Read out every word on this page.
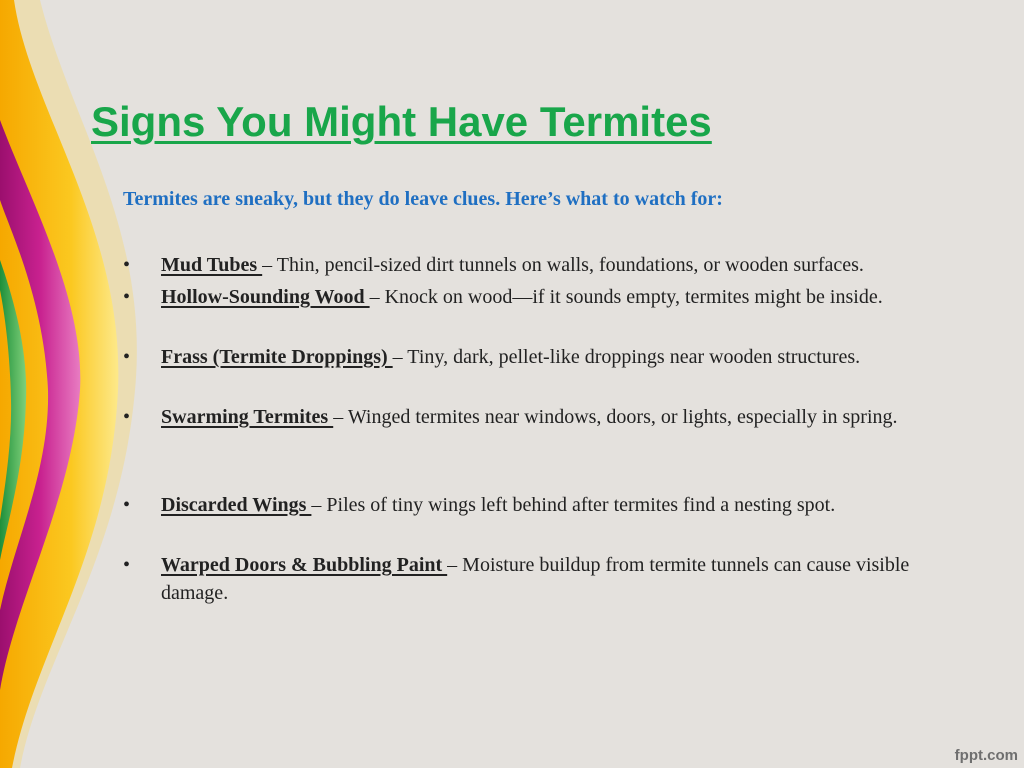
Signs You Might Have Termites

Termites are sneaky, but they do leave clues. Here’s what to watch for:

•	Mud Tubes – Thin, pencil-sized dirt tunnels on walls, foundations, or wooden surfaces.
•	Hollow-Sounding Wood – Knock on wood—if it sounds empty, termites might be inside.
•	Frass (Termite Droppings) – Tiny, dark, pellet-like droppings near wooden structures.
•	Swarming Termites – Winged termites near windows, doors, or lights, especially in spring.
•	Discarded Wings – Piles of tiny wings left behind after termites find a nesting spot.
•	Warped Doors & Bubbling Paint – Moisture buildup from termite tunnels can cause visible damage.
fppt.com
